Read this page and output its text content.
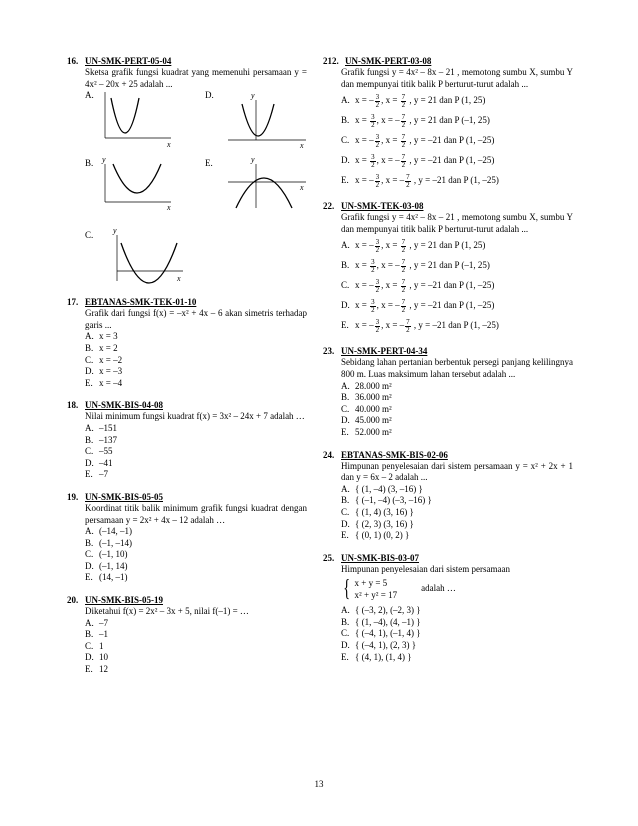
16. UN-SMK-PERT-05-04

Sketsa grafik fungsi kuadrat yang memenuhi persamaan y = 4x² – 20x + 25 adalah ...

A.
x
D.	y
x
B. y
x
E.	y
x
C. y
x
17. EBTANAS-SMK-TEK-01-10

Grafik dari fungsi f(x) = –x² + 4x – 6 akan simetris terhadap garis ...

A. x = 3
B. x = 2
C. x = –2
D. x = –3
E. x = –4
18. UN-SMK-BIS-04-08

Nilai minimum fungsi kuadrat f(x) = 3x² – 24x + 7 adalah …

A. –151
B. –137
C. –55
D. –41
E. –7
19. UN-SMK-BIS-05-05

Koordinat titik balik minimum grafik fungsi kuadrat dengan persamaan y = 2x² + 4x – 12 adalah …

A. (–14, –1)
B. (–1, –14)
C. (–1, 10)
D. (–1, 14)
E. (14, –1)
20. UN-SMK-BIS-05-19

Diketahui f(x) = 2x² – 3x + 5, nilai f(–1) = …

A. –7
B. –1
C. 1
D. 10
E. 12
212. UN-SMK-PERT-03-08

Grafik fungsi y = 4x² – 8x – 21 , memotong sumbu X, sumbu Y dan mempunyai titik balik P berturut-turut adalah ...

A. x = – $\frac{3}{2}$ , $x = \frac{7}{2}$ , y = 21 dan P (1, 25)
B. $x = \frac{3}{2}$ , x = – $\frac{7}{2}$ , y = 21 dan P (–1, 25)
C. x = – $\frac{3}{2}$ , $x = \frac{7}{2}$ , y = –21 dan P (1, –25)
D. $x = \frac{3}{2}$ , x = – $\frac{7}{2}$ , y = –21 dan P (1, –25)
E. x = – $\frac{3}{2}$ , x = – $\frac{7}{2}$ , y = –21 dan P (1, –25)
22. UN-SMK-TEK-03-08

Grafik fungsi y = 4x² – 8x – 21 , memotong sumbu X, sumbu Y dan mempunyai titik balik P berturut-turut adalah ...

A. x = – $\frac{3}{2}$ , $x = \frac{7}{2}$ , y = 21 dan P (1, 25)
B. $x = \frac{3}{2}$ , x = – $\frac{7}{2}$ , y = 21 dan P (–1, 25)
C. x = – $\frac{3}{2}$ , $x = \frac{7}{2}$ , y = –21 dan P (1, –25)
D. $x = \frac{3}{2}$ , x = – $\frac{7}{2}$ , y = –21 dan P (1, –25)
E. x = – $\frac{3}{2}$ , x = – $\frac{7}{2}$ , y = –21 dan P (1, –25)
23. UN-SMK-PERT-04-34

Sebidang lahan pertanian berbentuk persegi panjang kelilingnya 800 m. Luas maksimum lahan tersebut adalah ...

A. 28.000 m²
B. 36.000 m²
C. 40.000 m²
D. 45.000 m²
E. 52.000 m²
24. EBTANAS-SMK-BIS-02-06

Himpunan penyelesaian dari sistem persamaan y = x² + 2x + 1 dan y = 6x – 2 adalah ...

A. { (1, –4) (3, –16) }
B. { (–1, –4) (–3, –16) }
C. { (1, 4) (3, 16) }
D. { (2, 3) (3, 16) }
E. { (0, 1) (0, 2) }
25. UN-SMK-BIS-03-07

Himpunan penyelesaian dari sistem persamaan

{ x + y = 5
x² + y² = 17
adalah …
A. { (–3, 2), (–2, 3) }
B. { (1, –4), (4, –1) }
C. { (–4, 1), (–1, 4) }
D. { (–4, 1), (2, 3) }
E. { (4, 1), (1, 4) }
13
